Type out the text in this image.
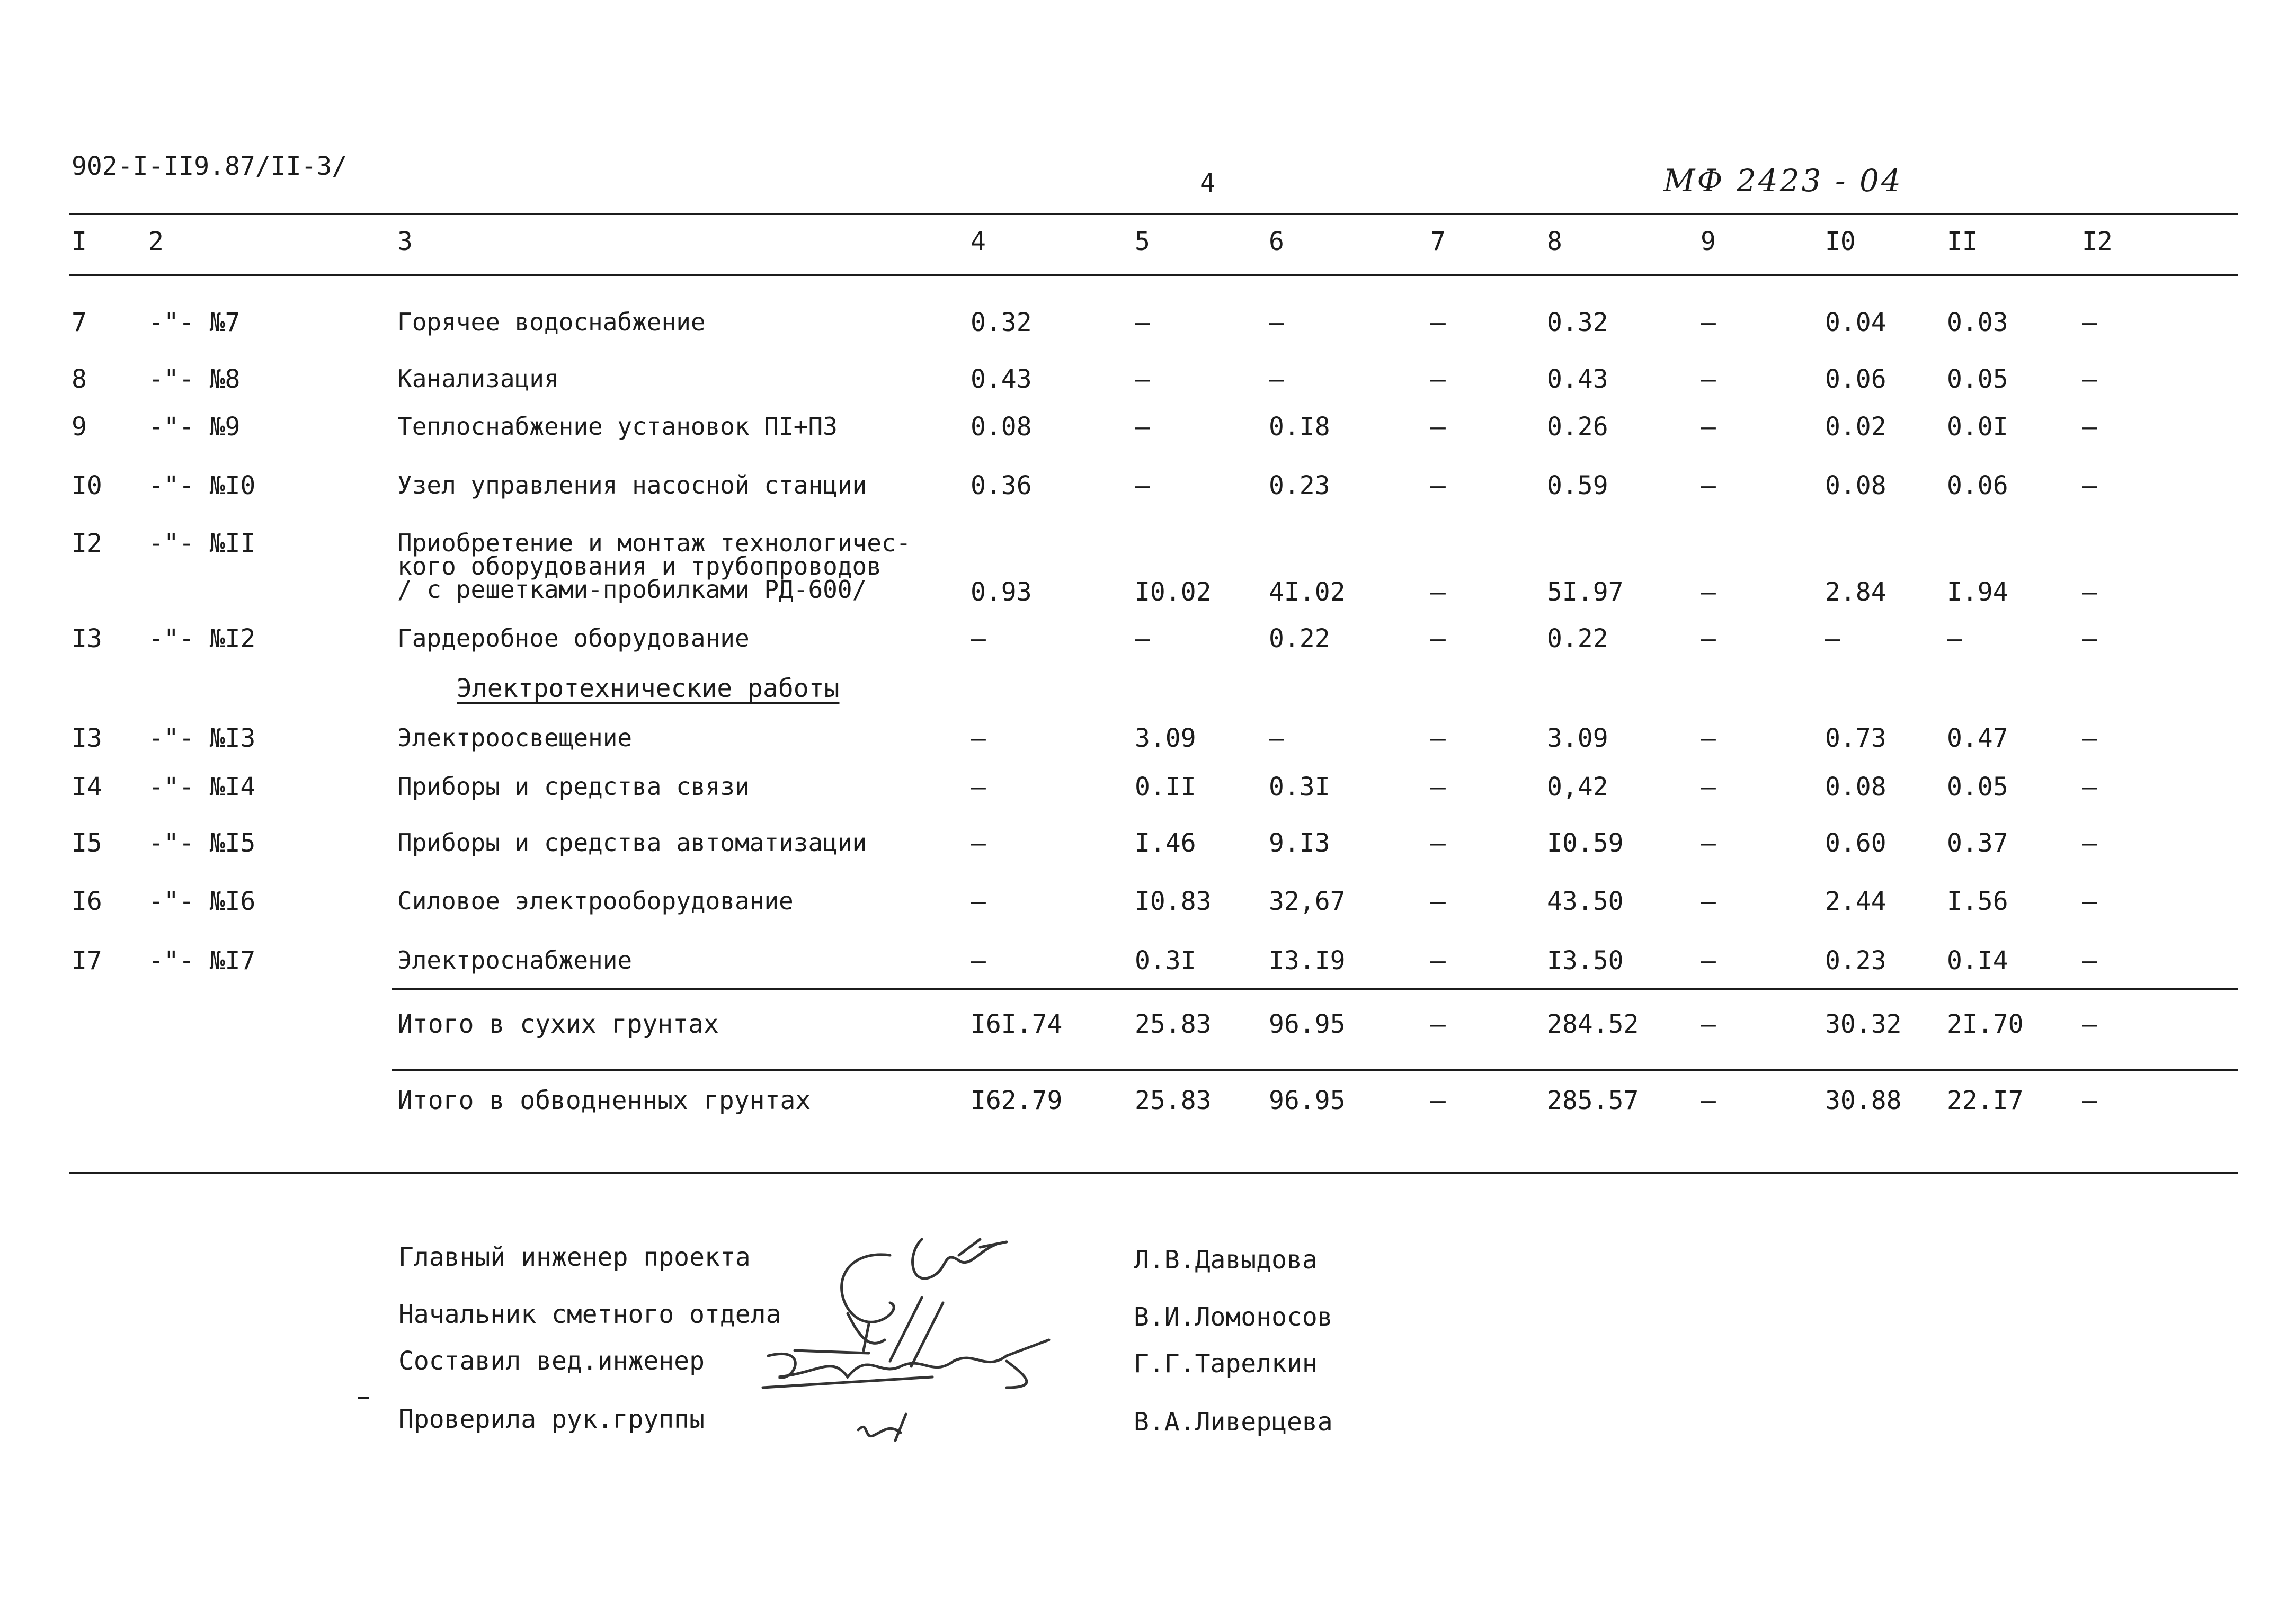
902-I-II9.87/II-3/
4	МФ 2423 - 04
I 2	3	4	5	6	7	8	9	I0	II	I2
7 -"- №7	Горячее водоснабжение	0.32	–	–	–	0.32	–	0.04 0.03	–
8 -"- №8	Канализация	0.43	–	–	–	0.43	–	0.06 0.05	–
9 -"- №9	Теплоснабжение установок ПI+П3	0.08	–	0.I8	–	0.26	–	0.02 0.0I	–
I0 -"- №I0	Узел управления насосной станции	0.36	–	0.23	–	0.59	–	0.08 0.06	–
I2 -"- №II	Приобретение и монтаж технологичес-
кого оборудования и трубопроводов
/ с решетками-пробилками РД-600/	0.93	I0.02 4I.02	–	5I.97	–	2.84 I.94	–
I3 -"- №I2	Гардеробное оборудование	–	–	0.22	–	0.22	–	–	–	–
I3 -"- №I3	Электроосвещение	–	3.09	–	–	3.09	–	0.73 0.47	–
I4 -"- №I4	Приборы и средства связи	–	0.II	0.3I	–	0,42	–	0.08 0.05	–
I5 -"- №I5	Приборы и средства автоматизации	–	I.46	9.I3	–	I0.59	–	0.60 0.37	–
I6 -"- №I6	Силовое электрооборудование	–	I0.83 32,67	–	43.50	–	2.44 I.56	–
I7 -"- №I7	Электроснабжение	–	0.3I	I3.I9	–	I3.50	–	0.23 0.I4	–
Электротехнические работы
Итого в сухих грунтах	I6I.74	25.83 96.95	–	284.52 –	30.32 2I.70 –
Итого в обводненных грунтах	I62.79	25.83 96.95	–	285.57 –	30.88 22.I7 –
Главный инженер проекта	Л.В.Давыдова
Начальник сметного отдела	В.И.Ломоносов
Составил вед.инженер	Г.Г.Тарелкин
Проверила рук.группы	В.А.Ливерцева
